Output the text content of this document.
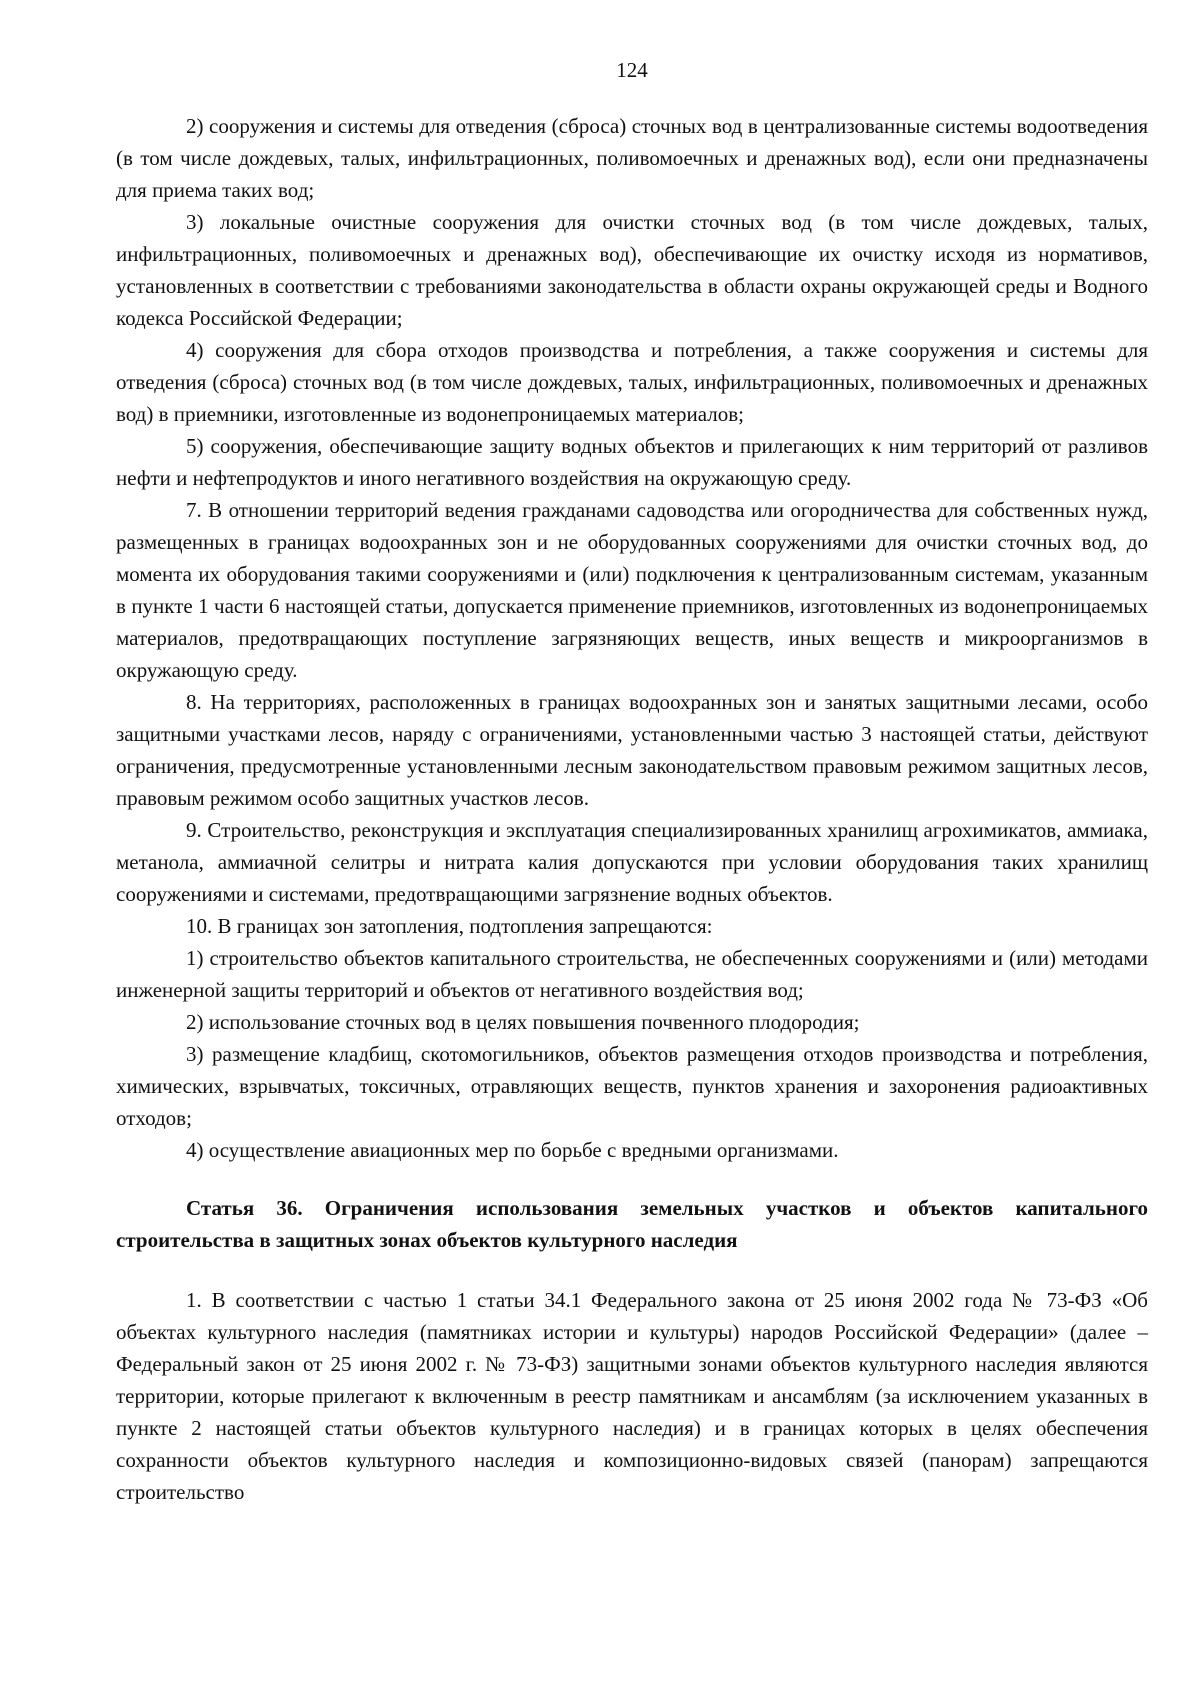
124

2) сооружения и системы для отведения (сброса) сточных вод в централизованные системы водоотведения (в том числе дождевых, талых, инфильтрационных, поливомоечных и дренажных вод), если они предназначены для приема таких вод;

3) локальные очистные сооружения для очистки сточных вод (в том числе дождевых, талых, инфильтрационных, поливомоечных и дренажных вод), обеспечивающие их очистку исходя из нормативов, установленных в соответствии с требованиями законодательства в области охраны окружающей среды и Водного кодекса Российской Федерации;

4) сооружения для сбора отходов производства и потребления, а также сооружения и системы для отведения (сброса) сточных вод (в том числе дождевых, талых, инфильтрационных, поливомоечных и дренажных вод) в приемники, изготовленные из водонепроницаемых материалов;

5) сооружения, обеспечивающие защиту водных объектов и прилегающих к ним территорий от разливов нефти и нефтепродуктов и иного негативного воздействия на окружающую среду.

7. В отношении территорий ведения гражданами садоводства или огородничества для собственных нужд, размещенных в границах водоохранных зон и не оборудованных сооружениями для очистки сточных вод, до момента их оборудования такими сооружениями и (или) подключения к централизованным системам, указанным в пункте 1 части 6 настоящей статьи, допускается применение приемников, изготовленных из водонепроницаемых материалов, предотвращающих поступление загрязняющих веществ, иных веществ и микроорганизмов в окружающую среду.

8. На территориях, расположенных в границах водоохранных зон и занятых защитными лесами, особо защитными участками лесов, наряду с ограничениями, установленными частью 3 настоящей статьи, действуют ограничения, предусмотренные установленными лесным законодательством правовым режимом защитных лесов, правовым режимом особо защитных участков лесов.

9. Строительство, реконструкция и эксплуатация специализированных хранилищ агрохимикатов, аммиака, метанола, аммиачной селитры и нитрата калия допускаются при условии оборудования таких хранилищ сооружениями и системами, предотвращающими загрязнение водных объектов.

10. В границах зон затопления, подтопления запрещаются:

1) строительство объектов капитального строительства, не обеспеченных сооружениями и (или) методами инженерной защиты территорий и объектов от негативного воздействия вод;

2) использование сточных вод в целях повышения почвенного плодородия;

3) размещение кладбищ, скотомогильников, объектов размещения отходов производства и потребления, химических, взрывчатых, токсичных, отравляющих веществ, пунктов хранения и захоронения радиоактивных отходов;

4) осуществление авиационных мер по борьбе с вредными организмами.

Статья 36. Ограничения использования земельных участков и объектов капитального строительства в защитных зонах объектов культурного наследия

1. В соответствии с частью 1 статьи 34.1 Федерального закона от 25 июня 2002 года № 73-ФЗ «Об объектах культурного наследия (памятниках истории и культуры) народов Российской Федерации» (далее – Федеральный закон от 25 июня 2002 г. № 73-ФЗ) защитными зонами объектов культурного наследия являются территории, которые прилегают к включенным в реестр памятникам и ансамблям (за исключением указанных в пункте 2 настоящей статьи объектов культурного наследия) и в границах которых в целях обеспечения сохранности объектов культурного наследия и композиционно-видовых связей (панорам) запрещаются строительство
